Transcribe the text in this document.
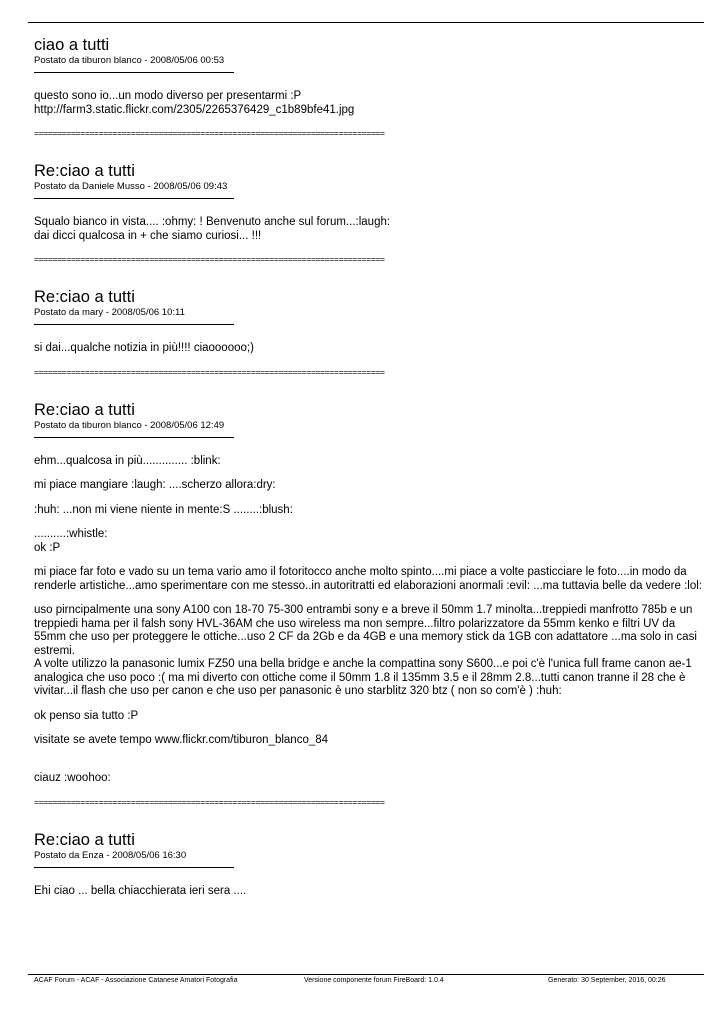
ciao a tutti
Postato da tiburon blanco - 2008/05/06 00:53

questo sono io...un modo diverso per presentarmi :P
http://farm3.static.flickr.com/2305/2265376429_c1b89bfe41.jpg

============================================================================
Re:ciao a tutti
Postato da Daniele Musso - 2008/05/06 09:43

Squalo bianco in vista.... :ohmy: ! Benvenuto anche sul forum...:laugh:
dai dicci qualcosa in + che siamo curiosi... !!!

============================================================================
Re:ciao a tutti
Postato da mary - 2008/05/06 10:11

si dai...qualche notizia in più!!!! ciaoooooo;)

============================================================================
Re:ciao a tutti
Postato da tiburon blanco - 2008/05/06 12:49

ehm...qualcosa in più.............. :blink:

mi piace mangiare :laugh: ....scherzo allora:dry:

:huh: ...non mi viene niente in mente:S ........:blush:

..........:whistle:
ok :P

mi piace far foto e vado su un tema vario amo il fotoritocco anche molto spinto....mi piace a volte pasticciare le foto....in modo da renderle artistiche...amo sperimentare con me stesso..in autoritratti ed elaborazioni anormali :evil: ...ma tuttavia belle da vedere :lol:

uso pirncipalmente una sony A100 con 18-70 75-300 entrambi sony e a breve il 50mm 1.7 minolta...treppiedi manfrotto 785b e un treppiedi hama per il falsh sony HVL-36AM che uso wireless ma non sempre...filtro polarizzatore da 55mm kenko e filtri UV da 55mm che uso per proteggere le ottiche...uso 2 CF da 2Gb e da 4GB e una memory stick da 1GB con adattatore ...ma solo in casi estremi.
A volte utilizzo la panasonic lumix FZ50 una bella bridge e anche la compattina sony S600...e poi c'è l'unica full frame canon ae-1 analogica che uso poco :( ma mi diverto con ottiche come il 50mm 1.8 il 135mm 3.5 e il 28mm 2.8...tutti canon tranne il 28 che è vivitar...il flash che uso per canon e che uso per panasonic è uno starblitz 320 btz ( non so com'è ) :huh:

ok penso sia tutto :P

visitate se avete tempo www.flickr.com/tiburon_blanco_84

ciauz :woohoo:

============================================================================
Re:ciao a tutti
Postato da Enza - 2008/05/06 16:30

Ehi ciao ... bella chiacchierata ieri sera ....

ACAF Forum - ACAF - Associazione Catanese Amatori Fotografia	Versione componente forum FireBoard: 1.0.4	Generato: 30 September, 2016, 00:26
